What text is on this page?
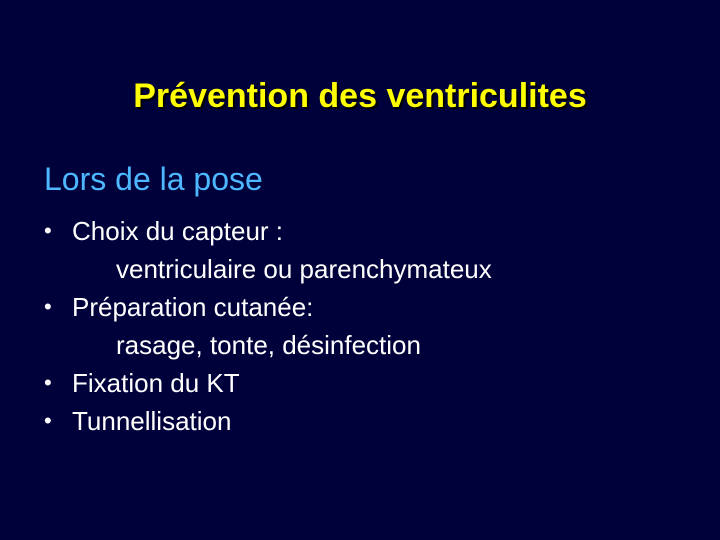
Prévention des ventriculites
Lors de la pose
• Choix du capteur :
ventriculaire ou parenchymateux
• Préparation cutanée:
rasage, tonte, désinfection
• Fixation du KT
• Tunnellisation
